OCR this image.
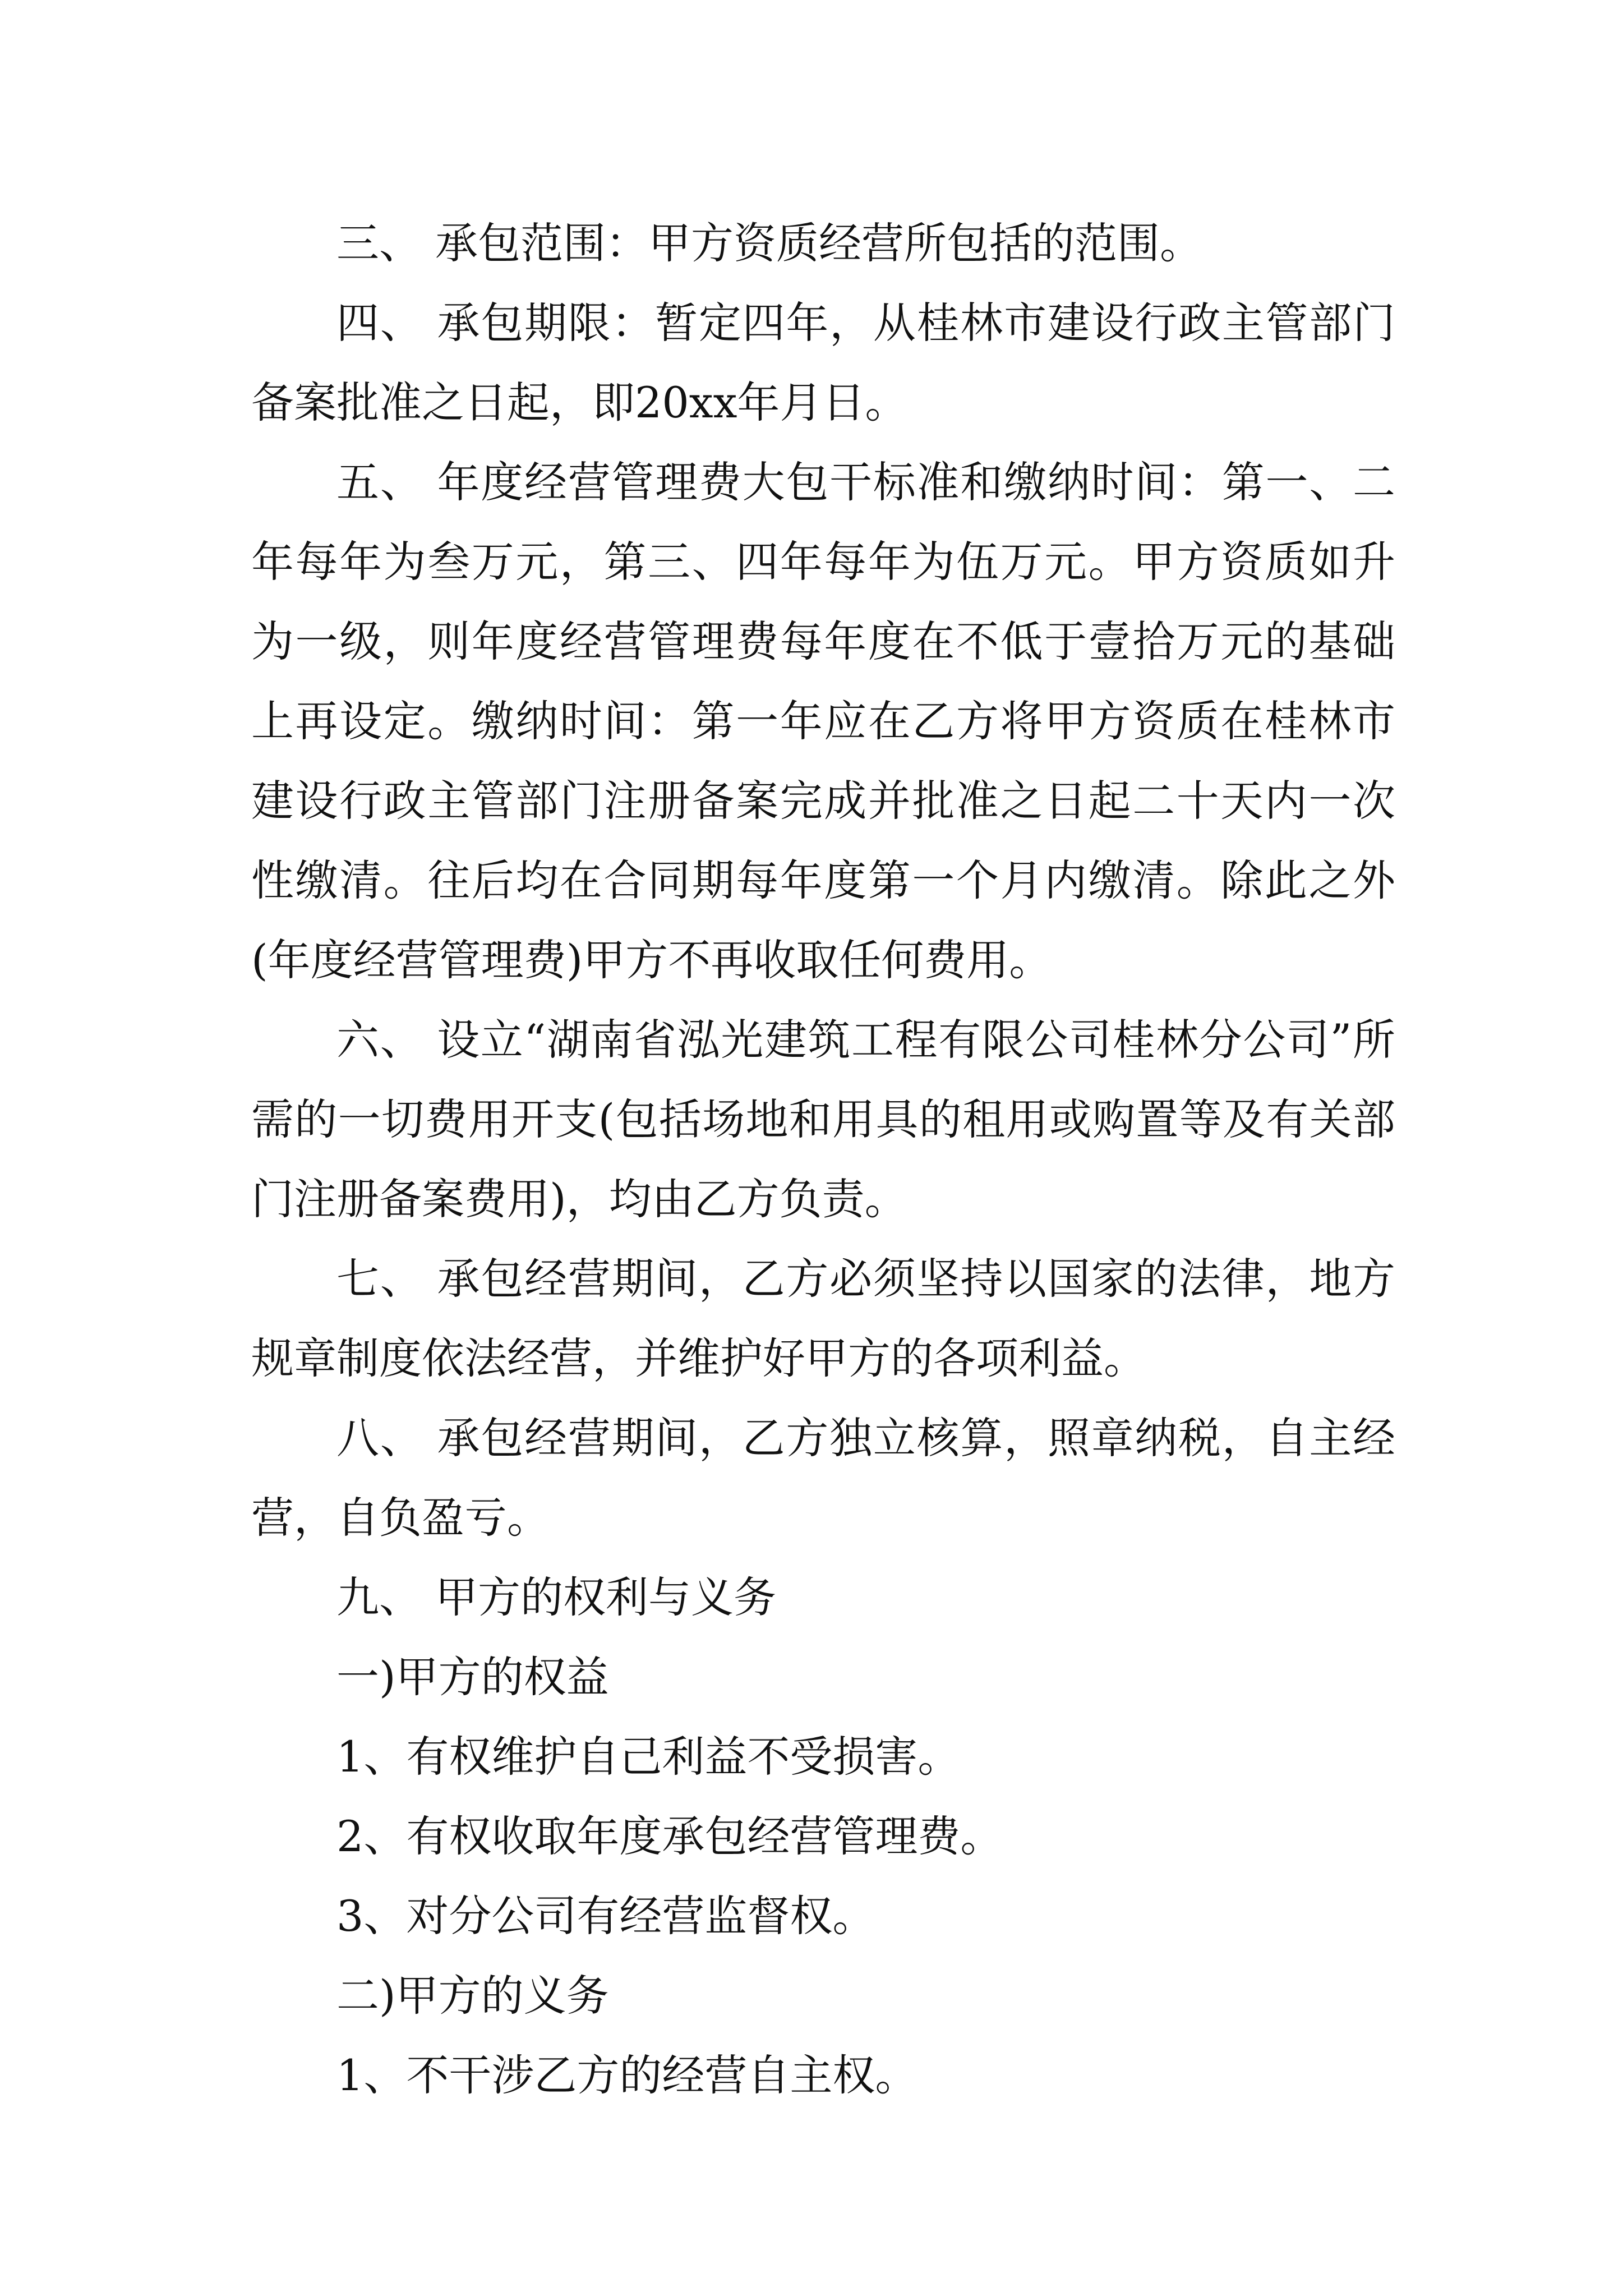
三、 承包范围：甲方资质经营所包括的范围。

四、 承包期限：暂定四年，从桂林市建设行政主管部门备案批准之日起，即20xx年月日。

五、 年度经营管理费大包干标准和缴纳时间：第一、二年每年为叁万元，第三、四年每年为伍万元。甲方资质如升为一级，则年度经营管理费每年度在不低于壹拾万元的基础上再设定。缴纳时间：第一年应在乙方将甲方资质在桂林市建设行政主管部门注册备案完成并批准之日起二十天内一次性缴清。往后均在合同期每年度第一个月内缴清。除此之外(年度经营管理费)甲方不再收取任何费用。

六、 设立“湖南省泓光建筑工程有限公司桂林分公司”所需的一切费用开支(包括场地和用具的租用或购置等及有关部门注册备案费用)，均由乙方负责。

七、 承包经营期间，乙方必须坚持以国家的法律，地方规章制度依法经营，并维护好甲方的各项利益。

八、 承包经营期间，乙方独立核算，照章纳税，自主经营，自负盈亏。

九、 甲方的权利与义务

一)甲方的权益

1、有权维护自己利益不受损害。

2、有权收取年度承包经营管理费。

3、对分公司有经营监督权。

二)甲方的义务

1、不干涉乙方的经营自主权。
